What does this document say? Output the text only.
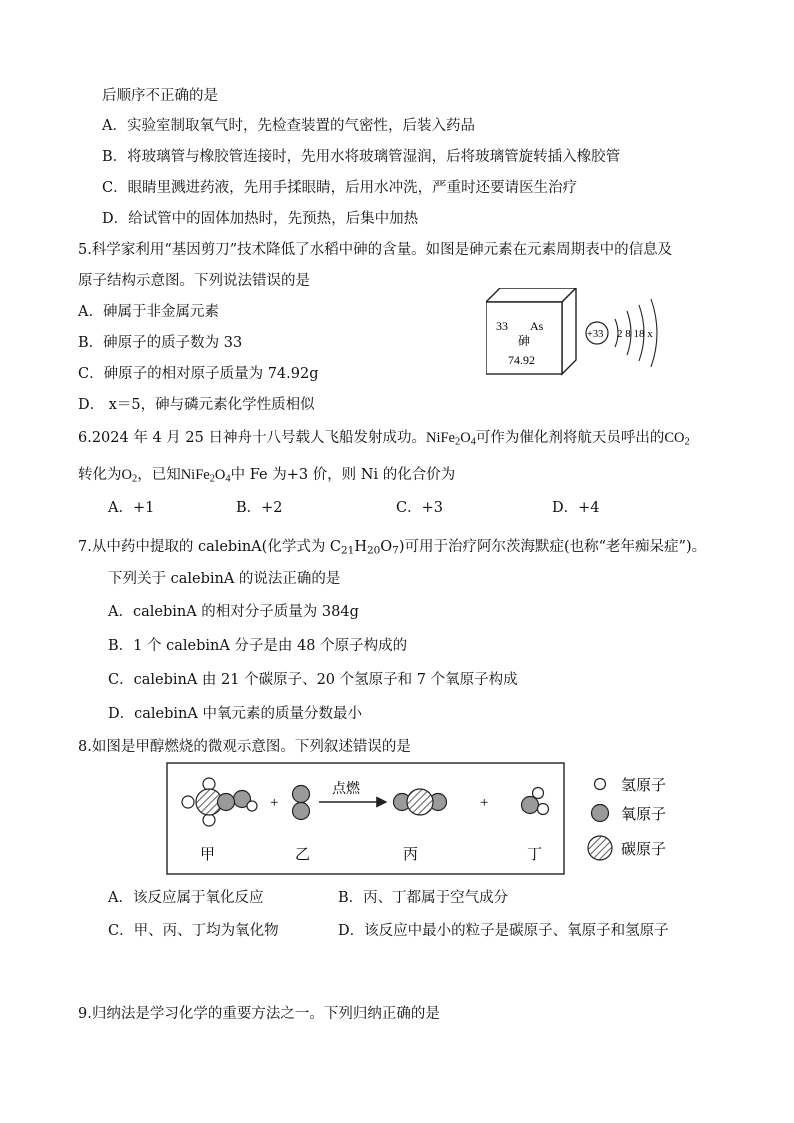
后顺序不正确的是
A．实验室制取氧气时，先检查装置的气密性，后装入药品
B．将玻璃管与橡胶管连接时，先用水将玻璃管湿润，后将玻璃管旋转插入橡胶管
C．眼睛里溅进药液，先用手揉眼睛，后用水冲洗，严重时还要请医生治疗
D．给试管中的固体加热时，先预热，后集中加热
5.科学家利用“基因剪刀”技术降低了水稻中砷的含量。如图是砷元素在元素周期表中的信息及
原子结构示意图。下列说法错误的是
A．砷属于非金属元素
B．砷原子的质子数为 33
C．砷原子的相对原子质量为 74.92g
D． x＝5，砷与磷元素化学性质相似
33 As
砷
74.92
+33 2 8 18 x
6.2024 年 4 月 25 日神舟十八号载人飞船发射成功。$NiFe_2O_4$可作为催化剂将航天员呼出的$CO_2$
转化为$O_2$，已知$NiFe_2O_4$中 Fe 为+3 价，则 Ni 的化合价为
A．+1	B．+2	C．+3	D．+4
7.从中药中提取的 calebinA(化学式为 $C_{21}H_{20}O_7$)可用于治疗阿尔茨海默症(也称“老年痴呆症”)。
下列关于 calebinA 的说法正确的是
A．calebinA 的相对分子质量为 384g
B．1 个 calebinA 分子是由 48 个原子构成的
C．calebinA 由 21 个碳原子、20 个氢原子和 7 个氧原子构成
D．calebinA 中氧元素的质量分数最小
8.如图是甲醇燃烧的微观示意图。下列叙述错误的是
+
点燃
+
甲	乙	丙	丁
氢原子
氧原子
碳原子
A．该反应属于氧化反应	B．丙、丁都属于空气成分
C．甲、丙、丁均为氧化物	D．该反应中最小的粒子是碳原子、氧原子和氢原子
9.归纳法是学习化学的重要方法之一。下列归纳正确的是
